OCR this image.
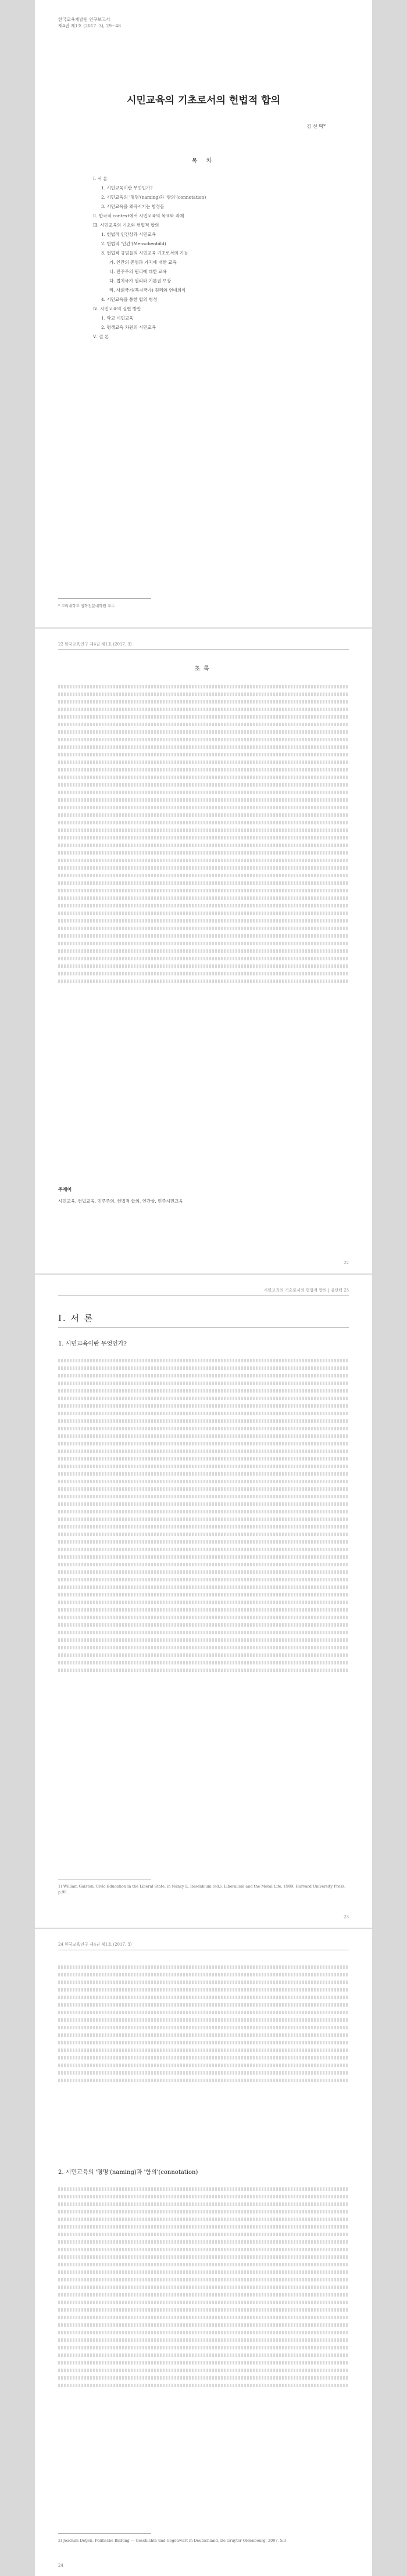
한국교육개발원 연구보고서
제4권 제1호 (2017. 3), 29~48
시민교육의 기초로서의 헌법적 합의
김 선 택*
목 차
Ⅰ. 서 론
1. 시민교육이란 무엇인가?
2. 시민교육의 '명명'(naming)과 '함의'(connotation)
3. 시민교육을 왜곡시키는 함정들
Ⅱ. 한국적 context에서 시민교육의 목표와 과제
Ⅲ. 시민교육의 기초와 헌법적 합의
1. 헌법적 인간상과 시민교육
2. 헌법적 '인간'(Menschenbild)
3. 헌법적 규범들의 시민교육 기초로서의 기능
가. 인간의 존엄과 가치에 대한 교육
나. 민주주의 원리에 대한 교육
다. 법치국가 원리와 기본권 보장
라. 사회국가(복지국가) 원리와 연대의식
4. 시민교육을 통한 합의 형성
Ⅳ. 시민교육의 실현 방안
1. 학교 시민교육
2. 평생교육 차원의 시민교육
Ⅴ. 결 론
* 고려대학교 법학전문대학원 교수
22 한국교육연구 제4권 제1호 (2017. 3)
초록
주제어
시민교육, 헌법교육, 민주주의, 헌법적 합의, 인간상, 민주시민교육
22
시민교육의 기초로서의 헌법적 합의 | 김선택 23
Ⅰ. 서 론
1. 시민교육이란 무엇인가?
1) William Galston, Civic Education in the Liberal State, in Nancy L. Rosenblum (ed.), Liberalism and the Moral Life, 1989, Harvard University Press, p.90.
23
24 한국교육연구 제4권 제1호 (2017. 3)
2. 시민교육의 '명명'(naming)과 '함의'(connotation)
2) Joachim Detjen, Politische Bildung — Geschichte und Gegenwart in Deutschland, De Gruyter Oldenbourg, 2007, S.3
24
